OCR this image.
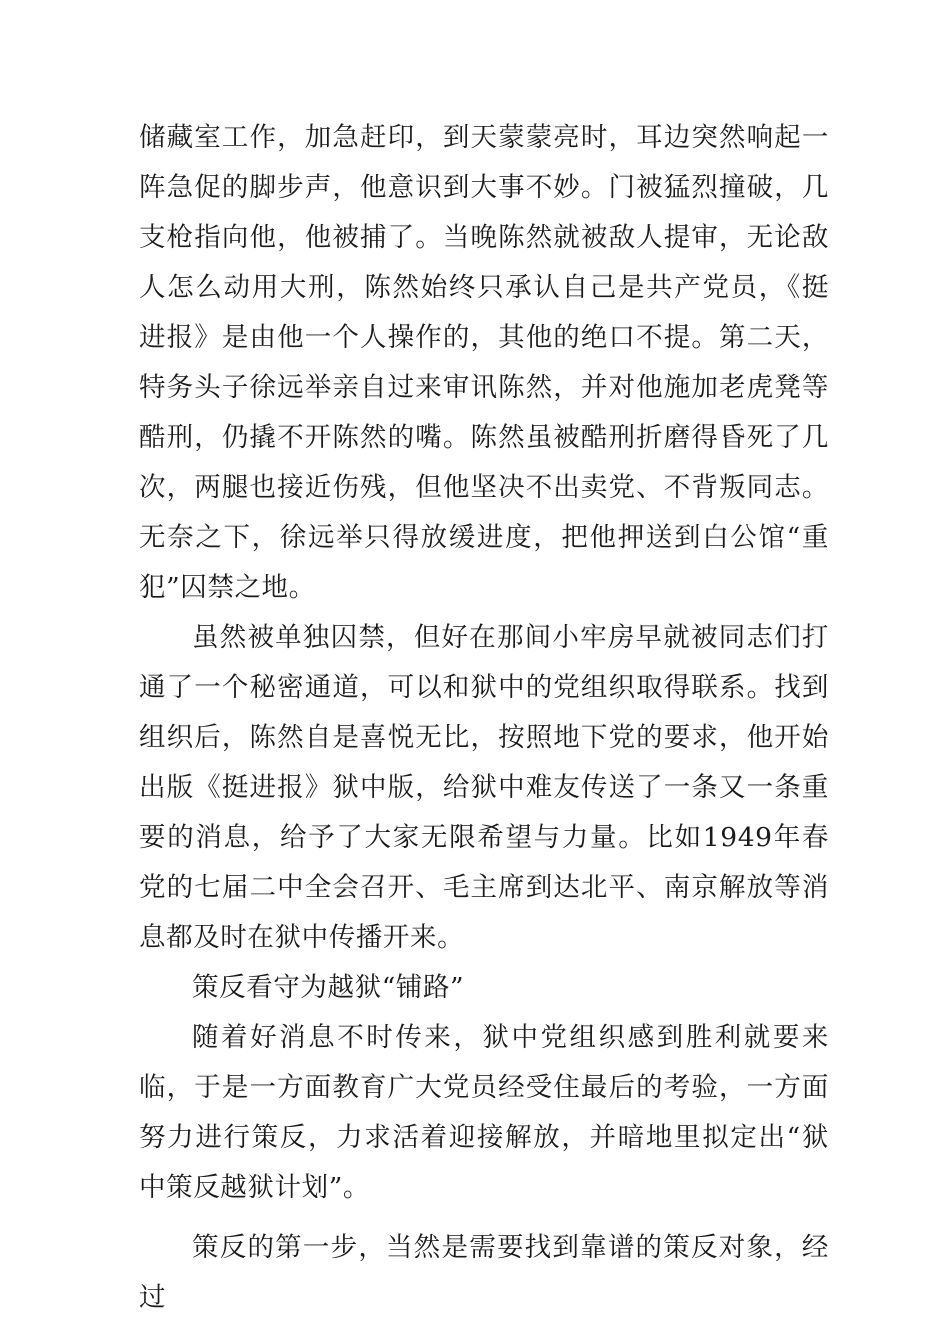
储藏室工作，加急赶印，到天蒙蒙亮时，耳边突然响起一阵急促的脚步声，他意识到大事不妙。门被猛烈撞破，几支枪指向他，他被捕了。当晚陈然就被敌人提审，无论敌人怎么动用大刑，陈然始终只承认自己是共产党员，《挺进报》是由他一个人操作的，其他的绝口不提。第二天，特务头子徐远举亲自过来审讯陈然，并对他施加老虎凳等酷刑，仍撬不开陈然的嘴。陈然虽被酷刑折磨得昏死了几次，两腿也接近伤残，但他坚决不出卖党、不背叛同志。无奈之下，徐远举只得放缓进度，把他押送到白公馆“重犯”囚禁之地。

虽然被单独囚禁，但好在那间小牢房早就被同志们打通了一个秘密通道，可以和狱中的党组织取得联系。找到组织后，陈然自是喜悦无比，按照地下党的要求，他开始出版《挺进报》狱中版，给狱中难友传送了一条又一条重要的消息，给予了大家无限希望与力量。比如1949年春党的七届二中全会召开、毛主席到达北平、南京解放等消息都及时在狱中传播开来。

策反看守为越狱“铺路”

随着好消息不时传来，狱中党组织感到胜利就要来临，于是一方面教育广大党员经受住最后的考验，一方面努力进行策反，力求活着迎接解放，并暗地里拟定出“狱中策反越狱计划”。

策反的第一步，当然是需要找到靠谱的策反对象，经过
